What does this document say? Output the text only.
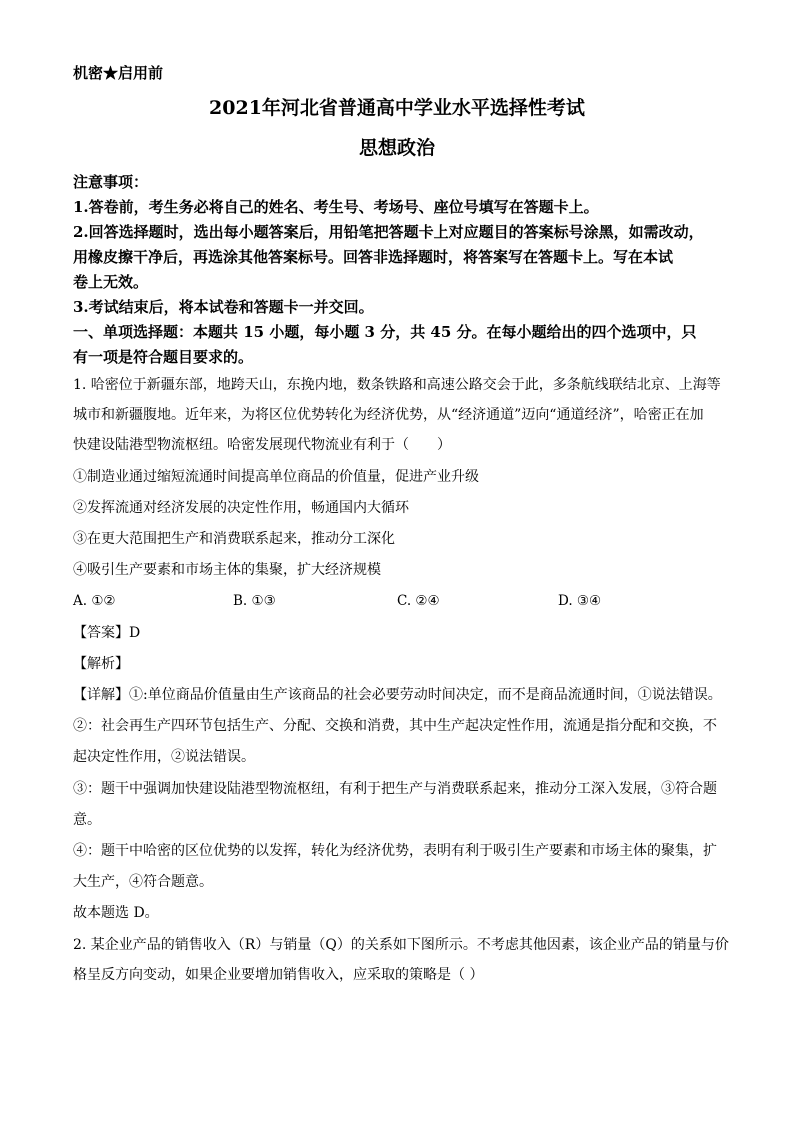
机密★启用前
2021年河北省普通高中学业水平选择性考试
思想政治
注意事项：
1.答卷前，考生务必将自己的姓名、考生号、考场号、座位号填写在答题卡上。
2.回答选择题时，选出每小题答案后，用铅笔把答题卡上对应题目的答案标号涂黑，如需改动，
用橡皮擦干净后，再选涂其他答案标号。回答非选择题时，将答案写在答题卡上。写在本试
卷上无效。
3.考试结束后，将本试卷和答题卡一并交回。
一、单项选择题：本题共 15 小题，每小题 3 分，共 45 分。在每小题给出的四个选项中，只
有一项是符合题目要求的。
1. 哈密位于新疆东部，地跨天山，东挽内地，数条铁路和高速公路交会于此，多条航线联结北京、上海等
城市和新疆腹地。近年来，为将区位优势转化为经济优势，从“经济通道”迈向“通道经济”，哈密正在加
快建设陆港型物流枢纽。哈密发展现代物流业有利于（　　）
①制造业通过缩短流通时间提高单位商品的价值量，促进产业升级
②发挥流通对经济发展的决定性作用，畅通国内大循环
③在更大范围把生产和消费联系起来，推动分工深化
④吸引生产要素和市场主体的集聚，扩大经济规模
A. ①②	B. ①③	C. ②④	D. ③④
【答案】D
【解析】
【详解】①:单位商品价值量由生产该商品的社会必要劳动时间决定，而不是商品流通时间，①说法错误。
②：社会再生产四环节包括生产、分配、交换和消费，其中生产起决定性作用，流通是指分配和交换，不
起决定性作用，②说法错误。
③：题干中强调加快建设陆港型物流枢纽，有利于把生产与消费联系起来，推动分工深入发展，③符合题
意。
④：题干中哈密的区位优势的以发挥，转化为经济优势，表明有利于吸引生产要素和市场主体的聚集，扩
大生产，④符合题意。
故本题选 D。
2. 某企业产品的销售收入（R）与销量（Q）的关系如下图所示。不考虑其他因素，该企业产品的销量与价
格呈反方向变动，如果企业要增加销售收入，应采取的策略是（ ）
